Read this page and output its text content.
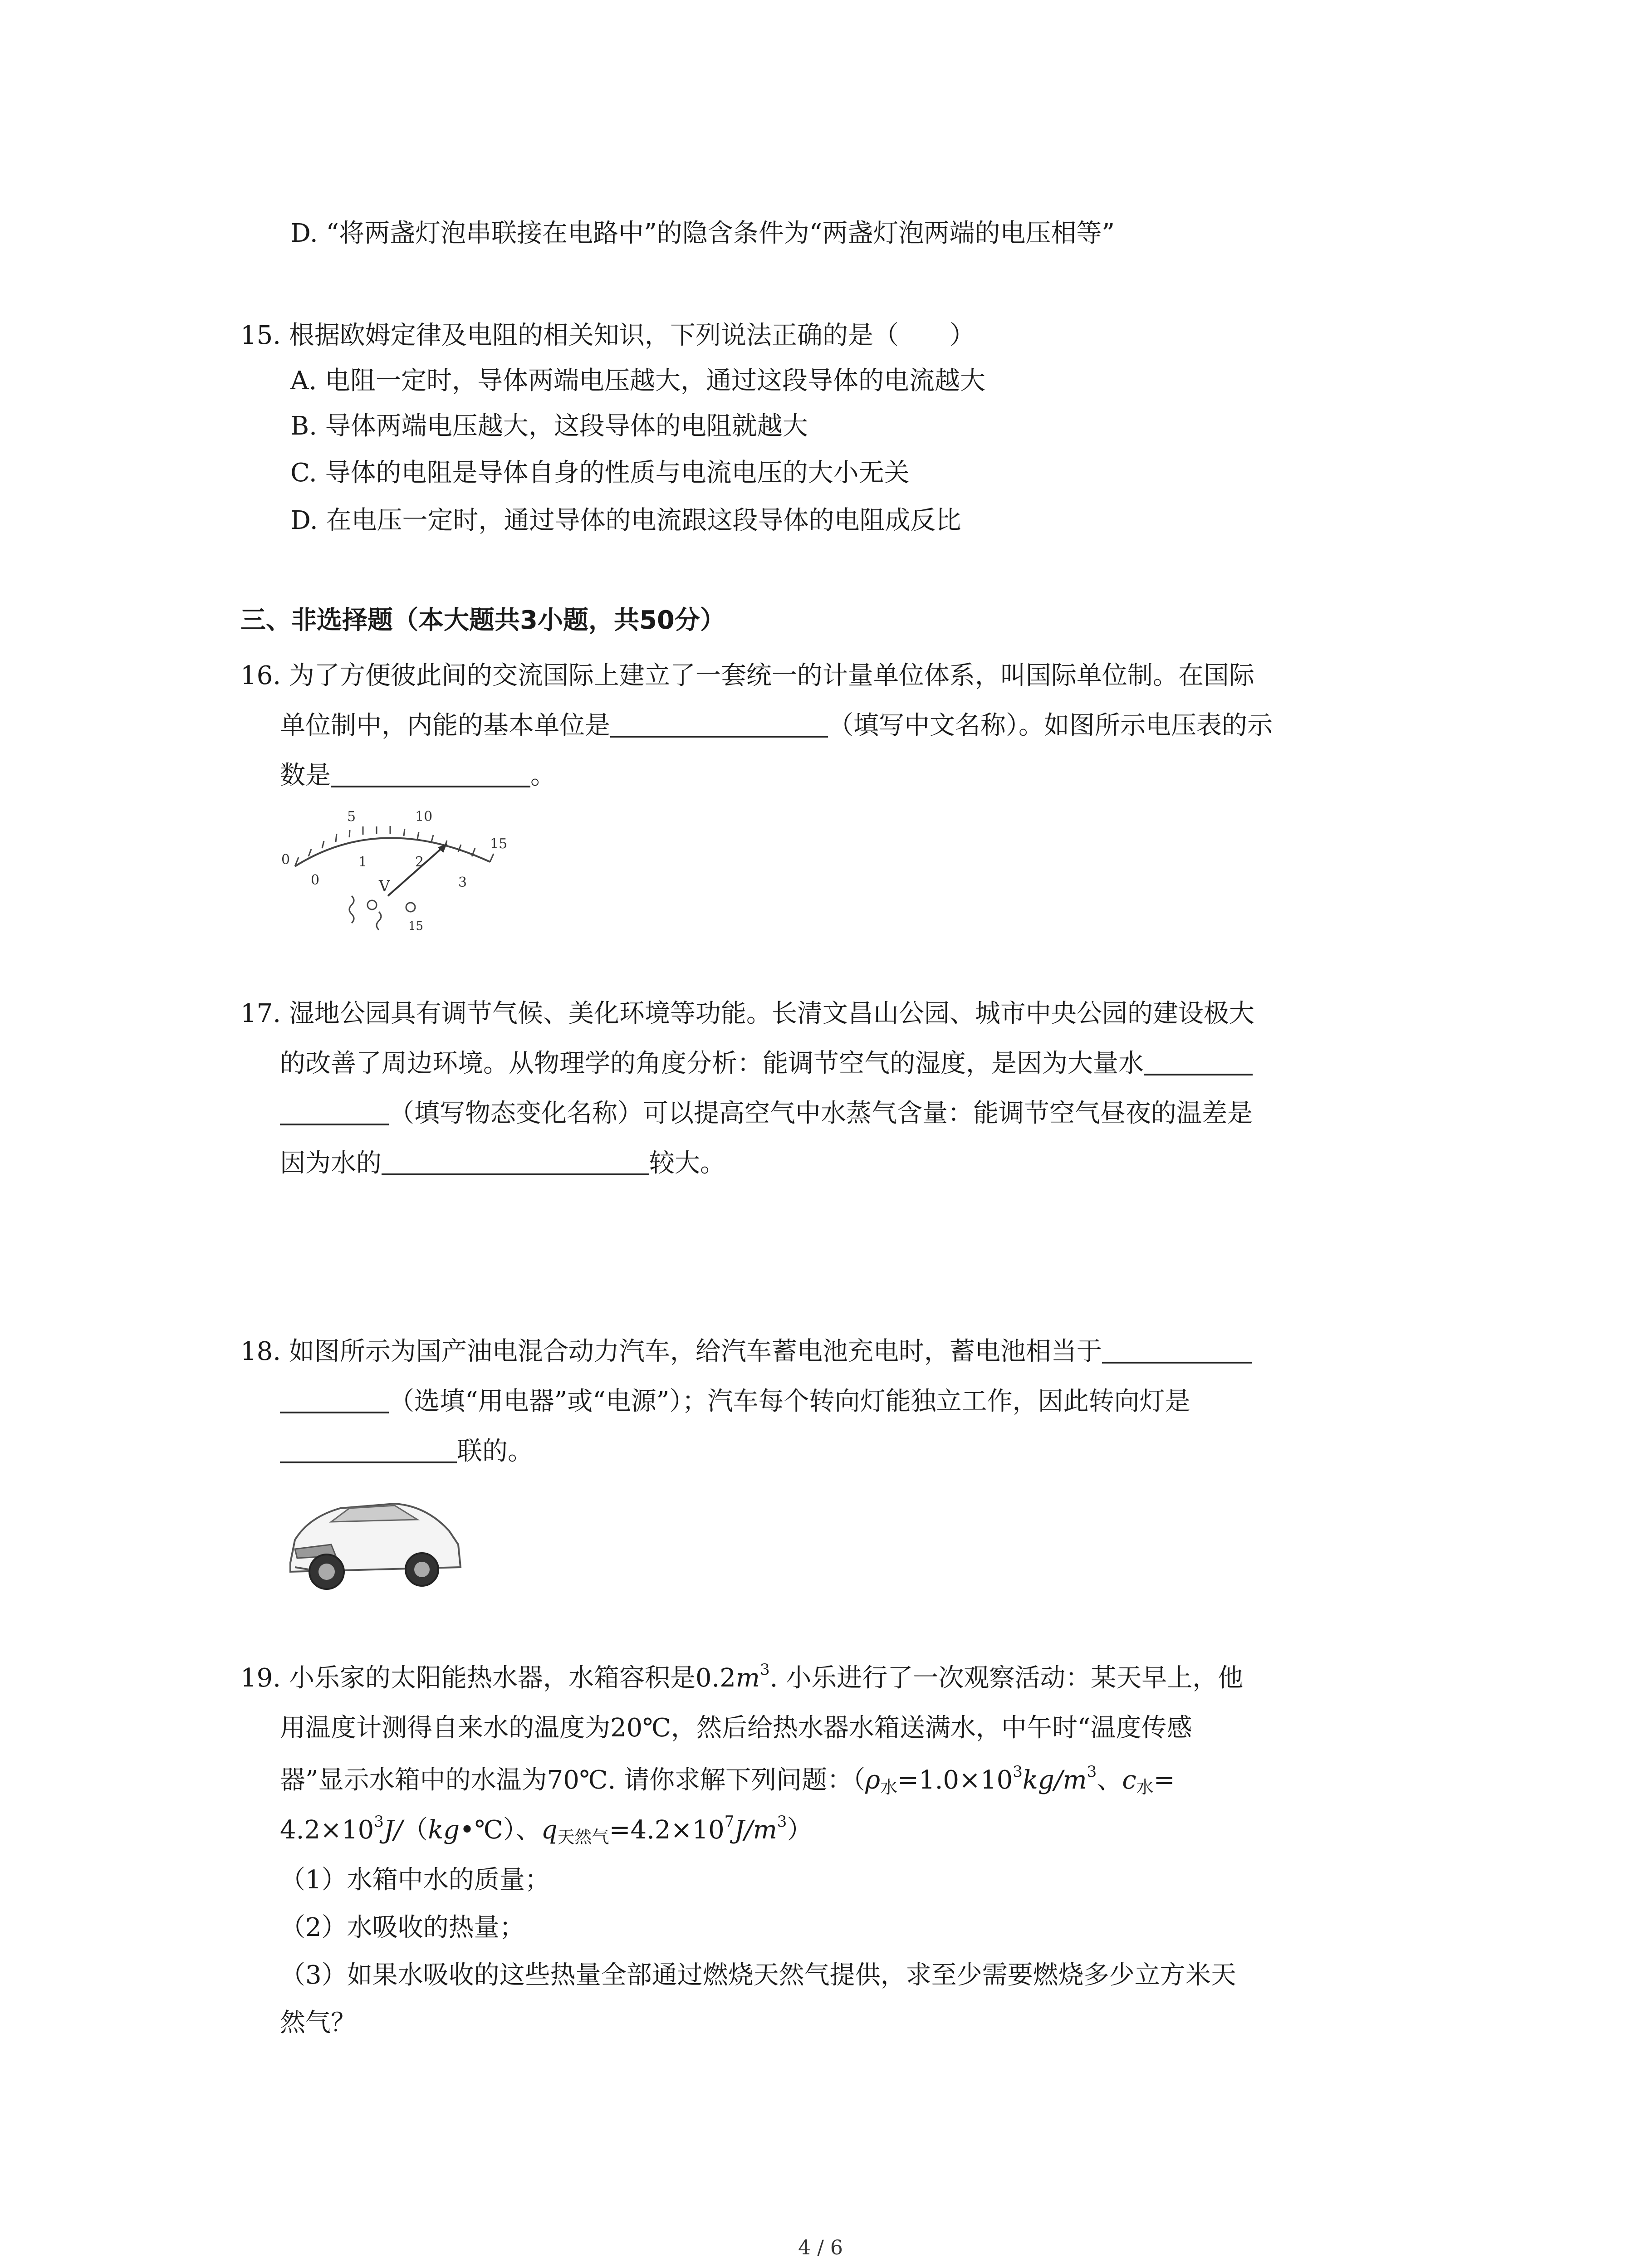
D. “将两盏灯泡串联接在电路中”的隐含条件为“两盏灯泡两端的电压相等”
15. 根据欧姆定律及电阻的相关知识，下列说法正确的是（　　）
A. 电阻一定时，导体两端电压越大，通过这段导体的电流越大
B. 导体两端电压越大，这段导体的电阻就越大
C. 导体的电阻是导体自身的性质与电流电压的大小无关
D. 在电压一定时，通过导体的电流跟这段导体的电阻成反比
三、非选择题（本大题共3小题，共50分）
16. 为了方便彼此间的交流国际上建立了一套统一的计量单位体系，叫国际单位制。在国际
单位制中，内能的基本单位是	（填写中文名称）。如图所示电压表的示
数是	。
0
5	10
15
0
1	2
3
V
15
17. 湿地公园具有调节气候、美化环境等功能。长清文昌山公园、城市中央公园的建设极大
的改善了周边环境。从物理学的角度分析：能调节空气的湿度，是因为大量水
（填写物态变化名称）可以提高空气中水蒸气含量：能调节空气昼夜的温差是
因为水的	较大。
18. 如图所示为国产油电混合动力汽车，给汽车蓄电池充电时，蓄电池相当于
（选填“用电器”或“电源”）；汽车每个转向灯能独立工作，因此转向灯是
联的。
19. 小乐家的太阳能热水器，水箱容积是$0.2m^3$. 小乐进行了一次观察活动：某天早上，他
用温度计测得自来水的温度为20℃，然后给热水器水箱送满水，中午时“温度传感
器”显示水箱中的水温为70℃. 请你求解下列问题：（$\rho_水=1.0\times 10^3kg/m^3$、$c_水=$
$4.2\times 10^3J/(kg•℃)$、$q_{天然气}=4.2\times 10^7J/m^3$）
（1）水箱中水的质量；
（2）水吸收的热量；
（3）如果水吸收的这些热量全部通过燃烧天然气提供，求至少需要燃烧多少立方米天
然气？
4 / 6
